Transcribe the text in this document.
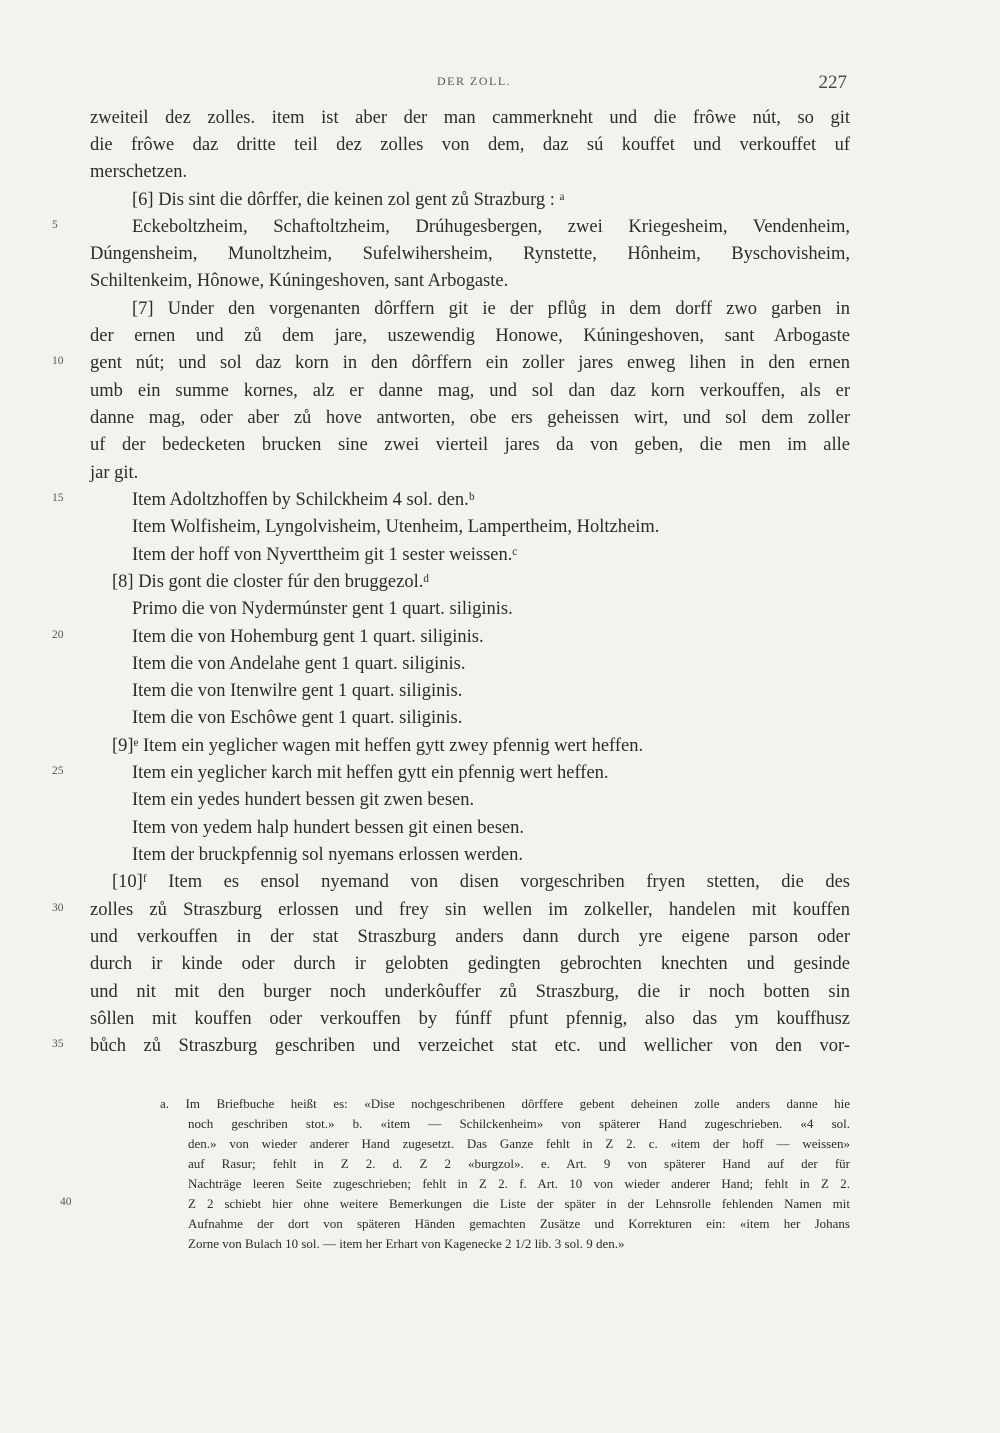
DER ZOLL.	227
zweiteil dez zolles. item ist aber der man cammerkneht und die frôwe nút, so git
die frôwe daz dritte teil dez zolles von dem, daz sú kouffet und verkouffet uf
merschetzen.
[6] Dis sint die dôrffer, die keinen zol gent zů Strazburg : ᵃ
Eckeboltzheim, Schaftoltzheim, Drúhugesbergen, zwei Kriegesheim, Vendenheim,
Dúngensheim, Munoltzheim, Sufelwihersheim, Rynstette, Hônheim, Byschovisheim,
Schiltenkeim, Hônowe, Kúningeshoven, sant Arbogaste.
[7] Under den vorgenanten dôrffern git ie der pflůg in dem dorff zwo garben in
der ernen und zů dem jare, uszewendig Honowe, Kúningeshoven, sant Arbogaste
gent nút; und sol daz korn in den dôrffern ein zoller jares enweg lihen in den ernen
umb ein summe kornes, alz er danne mag, und sol dan daz korn verkouffen, als er
danne mag, oder aber zů hove antworten, obe ers geheissen wirt, und sol dem zoller
uf der bedecketen brucken sine zwei vierteil jares da von geben, die men im alle
jar git.
Item Adoltzhoffen by Schilckheim 4 sol. den.ᵇ
Item Wolfisheim, Lyngolvisheim, Utenheim, Lampertheim, Holtzheim.
Item der hoff von Nyverttheim git 1 sester weissen.ᶜ
[8] Dis gont die closter fúr den bruggezol.ᵈ
Primo die von Nydermúnster gent 1 quart. siliginis.
Item die von Hohemburg gent 1 quart. siliginis.
Item die von Andelahe gent 1 quart. siliginis.
Item die von Itenwilre gent 1 quart. siliginis.
Item die von Eschôwe gent 1 quart. siliginis.
[9]ᵉ Item ein yeglicher wagen mit heffen gytt zwey pfennig wert heffen.
Item ein yeglicher karch mit heffen gytt ein pfennig wert heffen.
Item ein yedes hundert bessen git zwen besen.
Item von yedem halp hundert bessen git einen besen.
Item der bruckpfennig sol nyemans erlossen werden.
[10]ᶠ Item es ensol nyemand von disen vorgeschriben fryen stetten, die des
zolles zů Straszburg erlossen und frey sin wellen im zolkeller, handelen mit kouffen
und verkouffen in der stat Straszburg anders dann durch yre eigene parson oder
durch ir kinde oder durch ir gelobten gedingten gebrochten knechten und gesinde
und nit mit den burger noch underkôuffer zů Straszburg, die ir noch botten sin
sôllen mit kouffen oder verkouffen by fúnff pfunt pfennig, also das ym kouffhusz
bůch zů Straszburg geschriben und verzeichet stat etc. und wellicher von den vor-
5
10
15
20
25
30
35
a. Im Briefbuche heißt es: «Dise nochgeschribenen dôrffere gebent deheinen zolle anders danne hie
noch geschriben stot.» b. «item — Schilckenheim» von späterer Hand zugeschrieben. «4 sol.
den.» von wieder anderer Hand zugesetzt. Das Ganze fehlt in Z 2. c. «item der hoff — weissen»
auf Rasur; fehlt in Z 2. d. Z 2 «burgzol». e. Art. 9 von späterer Hand auf der für
Nachträge leeren Seite zugeschrieben; fehlt in Z 2. f. Art. 10 von wieder anderer Hand; fehlt in Z 2.
Z 2 schiebt hier ohne weitere Bemerkungen die Liste der später in der Lehnsrolle fehlenden Namen mit
Aufnahme der dort von späteren Händen gemachten Zusätze und Korrekturen ein: «item her Johans
Zorne von Bulach 10 sol. — item her Erhart von Kagenecke 2 1/2 lib. 3 sol. 9 den.»
40
